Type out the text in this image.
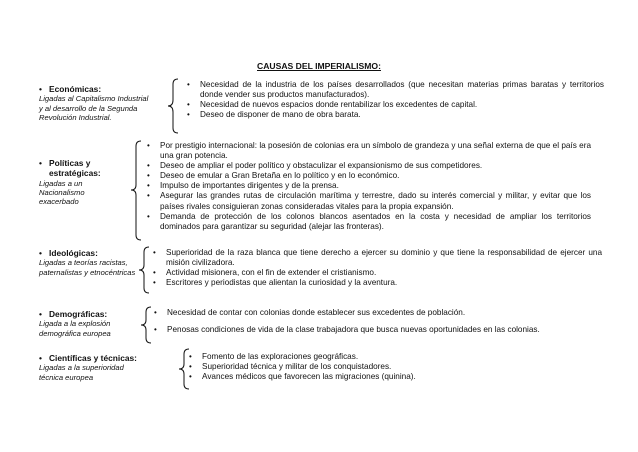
CAUSAS DEL IMPERIALISMO:
• Económicas:
Ligadas al Capitalismo Industrial y al desarrollo de la Segunda Revolución Industrial.
• Necesidad de la industria de los países desarrollados (que necesitan materias primas baratas y territorios donde vender sus productos manufacturados).
• Necesidad de nuevos espacios donde rentabilizar los excedentes de capital.
• Deseo de disponer de mano de obra barata.
• Políticas y estratégicas:
Ligadas a un Nacionalismo exacerbado
• Por prestigio internacional: la posesión de colonias era un símbolo de grandeza y una señal externa de que el país era una gran potencia.
• Deseo de ampliar el poder político y obstaculizar el expansionismo de sus competidores.
• Deseo de emular a Gran Bretaña en lo político y en lo económico.
• Impulso de importantes dirigentes y de la prensa.
• Asegurar las grandes rutas de circulación marítima y terrestre, dado su interés comercial y militar, y evitar que los países rivales consiguieran zonas consideradas vitales para la propia expansión.
• Demanda de protección de los colonos blancos asentados en la costa y necesidad de ampliar los territorios dominados para garantizar su seguridad (alejar las fronteras).
• Ideológicas:
Ligadas a teorías racistas, paternalistas y etnocéntricas
• Superioridad de la raza blanca que tiene derecho a ejercer su dominio y que tiene la responsabilidad de ejercer una misión civilizadora.
• Actividad misionera, con el fin de extender el cristianismo.
• Escritores y periodistas que alientan la curiosidad y la aventura.
• Demográficas:
Ligada a la explosión demográfica europea
• Necesidad de contar con colonias donde establecer sus excedentes de población.
• Penosas condiciones de vida de la clase trabajadora que busca nuevas oportunidades en las colonias.
• Científicas y técnicas:
Ligadas a la superioridad técnica europea
• Fomento de las exploraciones geográficas.
• Superioridad técnica y militar de los conquistadores.
• Avances médicos que favorecen las migraciones (quinina).
